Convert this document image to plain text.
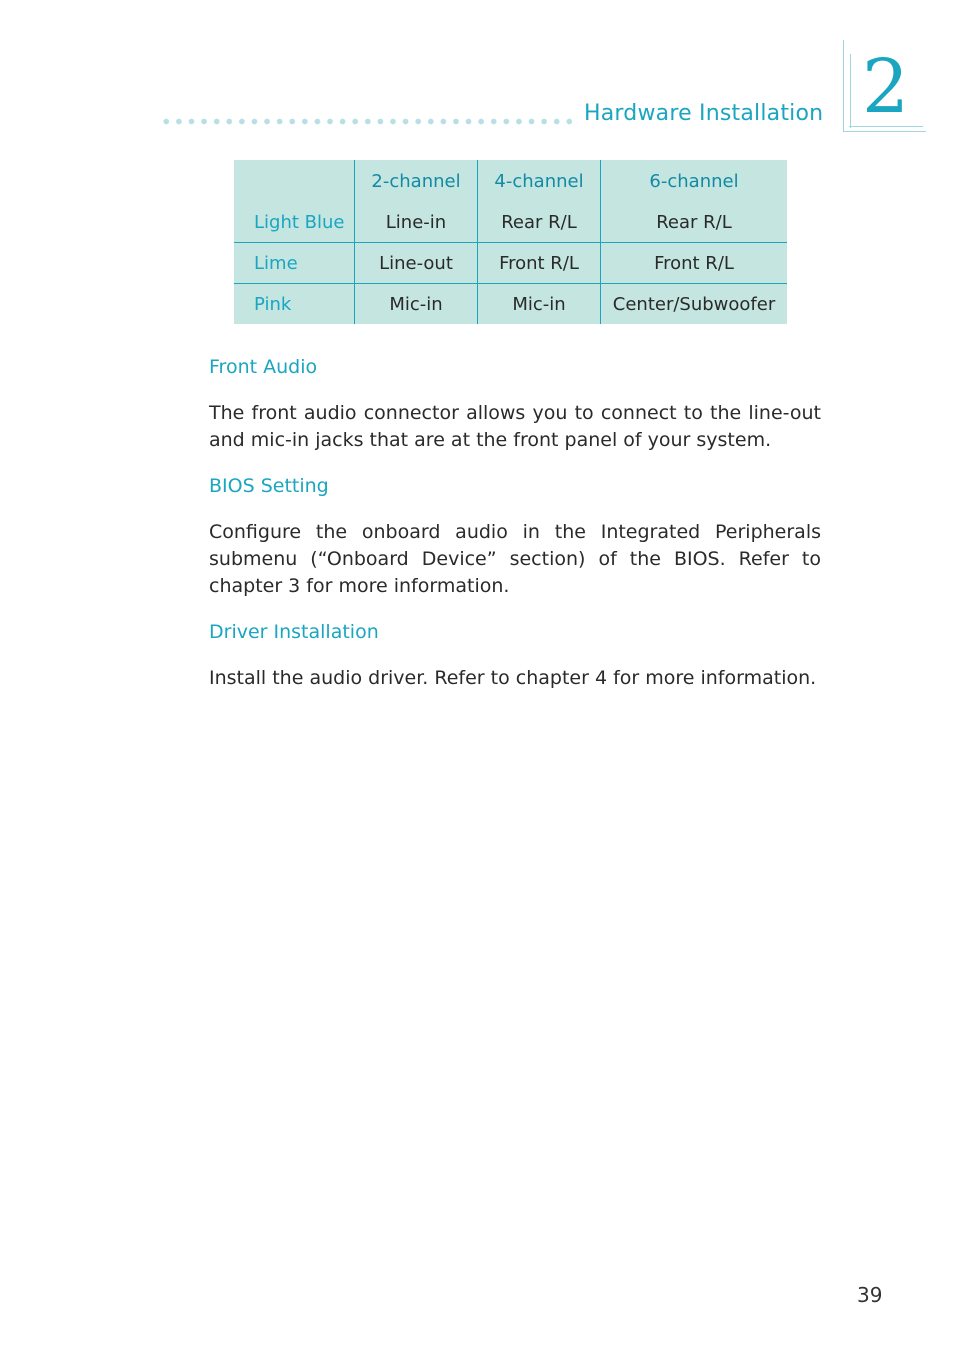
Hardware Installation 2
	2-channel	4-channel	6-channel
Light Blue	Line-in	Rear R/L	Rear R/L
Lime	Line-out	Front R/L	Front R/L
Pink	Mic-in	Mic-in	Center/Subwoofer
Front Audio

The front audio connector allows you to connect to the line-out and mic-in jacks that are at the front panel of your system.

BIOS Setting

Configure the onboard audio in the Integrated Peripherals submenu (“Onboard Device” section) of the BIOS. Refer to chapter 3 for more information.

Driver Installation

Install the audio driver. Refer to chapter 4 for more information.

39
